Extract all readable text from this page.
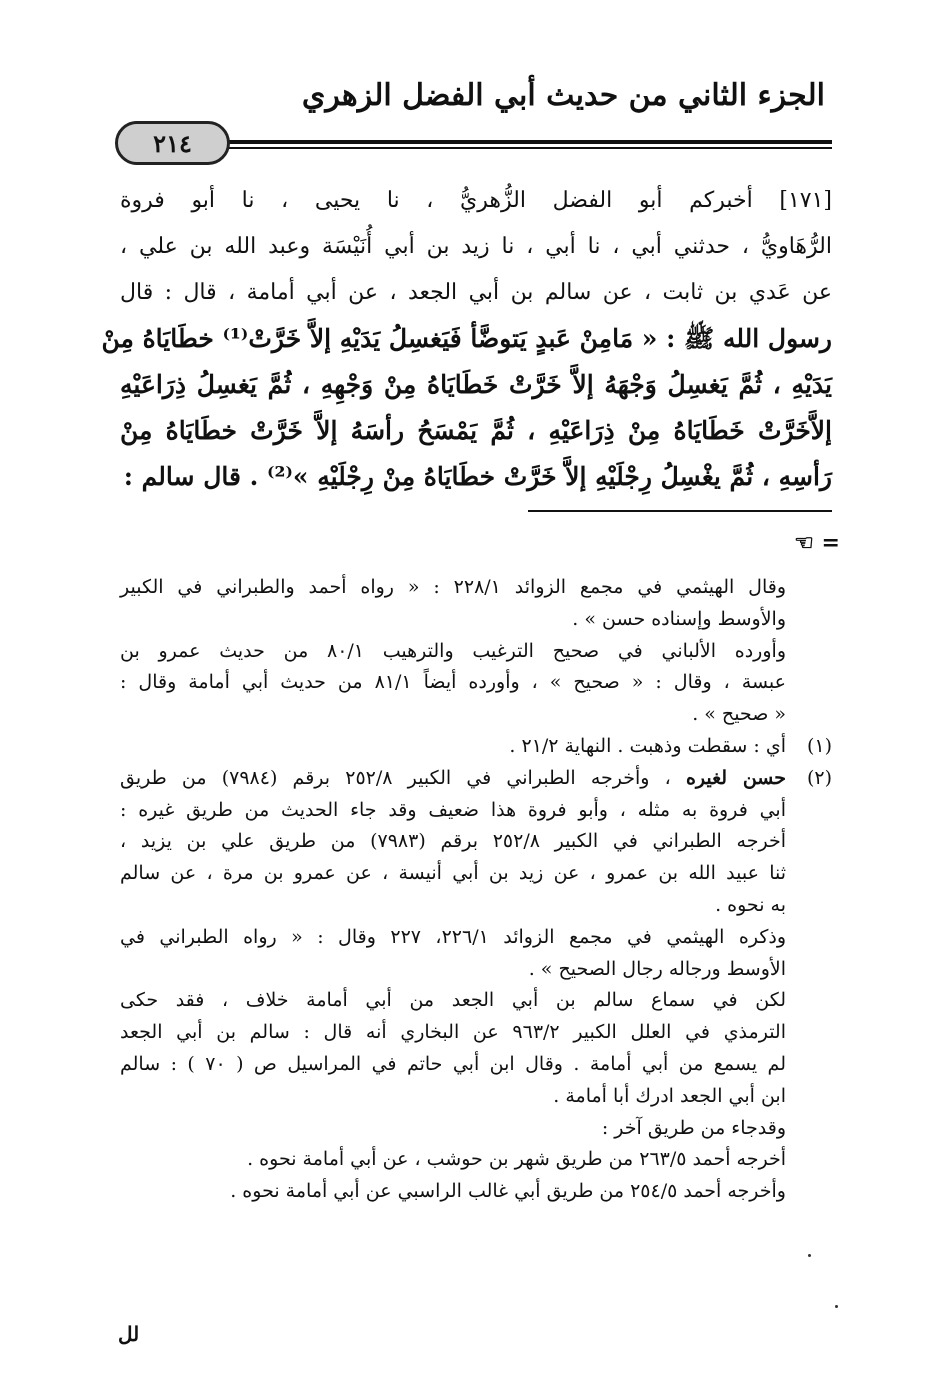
الجزء الثاني من حديث أبي الفضل الزهري
٢١٤
[١٧١] أخبركم أبو الفضل الزُّهريُّ ، نا يحيى ، نا أبو فروة
الرُّهَاويُّ ، حدثني أبي ، نا أبي ، نا زيد بن أبي أُنَيْسَة وعبد الله بن علي ،
عن عَدي بن ثابت ، عن سالم بن أبي الجعد ، عن أبي أمامة ، قال : قال
رسول الله ﷺ : « مَامِنْ عَبدٍ يَتوضَّأ فَيَغسِلُ يَدَيْهِ إلاَّ خَرَّتْ⁽¹⁾ خطَايَاهُ مِنْ
يَدَيْهِ ، ثُمَّ يَغسِلُ وَجْهَهُ إلاَّ خَرَّتْ خَطَايَاهُ مِنْ وَجْهِهِ ، ثُمَّ يَغسِلُ ذِرَاعَيْهِ
إلاَّخَرَّتْ خَطَايَاهُ مِنْ ذِرَاعَيْهِ ، ثُمَّ يَمْسَحُ رأسَهُ إلاَّ خَرَّتْ خطَايَاهُ مِنْ
رَأسِهِ ، ثُمَّ يغْسِلُ رِجْلَيْهِ إلاَّ خَرَّتْ خطَايَاهُ مِنْ رِجْلَيْهِ »⁽²⁾ . قال سالم :
= ☜
وقال الهيثمي في مجمع الزوائد ٢٢٨/١ : « رواه أحمد والطبراني في الكبير
والأوسط وإسناده حسن » .
وأورده الألباني في صحيح الترغيب والترهيب ٨٠/١ من حديث عمرو بن
عبسة ، وقال : « صحيح » ، وأورده أيضاً ٨١/١ من حديث أبي أمامة وقال :
« صحيح » .
(١)أي : سقطت وذهبت . النهاية ٢١/٢ .
(٢)حسن لغيره ، وأخرجه الطبراني في الكبير ٢٥٢/٨ برقم (٧٩٨٤) من طريق
أبي فروة به مثله ، وأبو فروة هذا ضعيف وقد جاء الحديث من طريق غيره :
أخرجه الطبراني في الكبير ٢٥٢/٨ برقم (٧٩٨٣) من طريق علي بن يزيد ،
ثنا عبيد الله بن عمرو ، عن زيد بن أبي أنيسة ، عن عمرو بن مرة ، عن سالم
به نحوه .
وذكره الهيثمي في مجمع الزوائد ٢٢٦/١، ٢٢٧ وقال : « رواه الطبراني في
الأوسط ورجاله رجال الصحيح » .
لكن في سماع سالم بن أبي الجعد من أبي أمامة خلاف ، فقد حكى
الترمذي في العلل الكبير ٩٦٣/٢ عن البخاري أنه قال : سالم بن أبي الجعد
لم يسمع من أبي أمامة . وقال ابن أبي حاتم في المراسيل ص ( ٧٠ ) : سالم
ابن أبي الجعد ادرك أبا أمامة .
وقدجاء من طريق آخر :
أخرجه أحمد ٢٦٣/٥ من طريق شهر بن حوشب ، عن أبي أمامة نحوه .
وأخرجه أحمد ٢٥٤/٥ من طريق أبي غالب الراسبي عن أبي أمامة نحوه .
لل
